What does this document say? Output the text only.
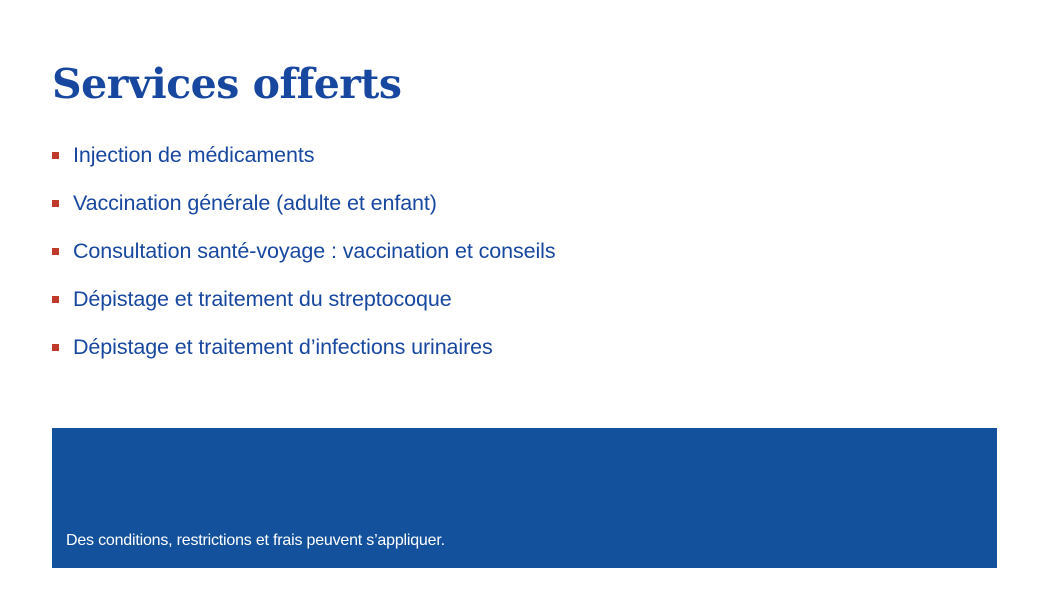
Services offerts
Injection de médicaments
Vaccination générale (adulte et enfant)
Consultation santé-voyage : vaccination et conseils
Dépistage et traitement du streptocoque
Dépistage et traitement d’infections urinaires
Des conditions, restrictions et frais peuvent s’appliquer.
